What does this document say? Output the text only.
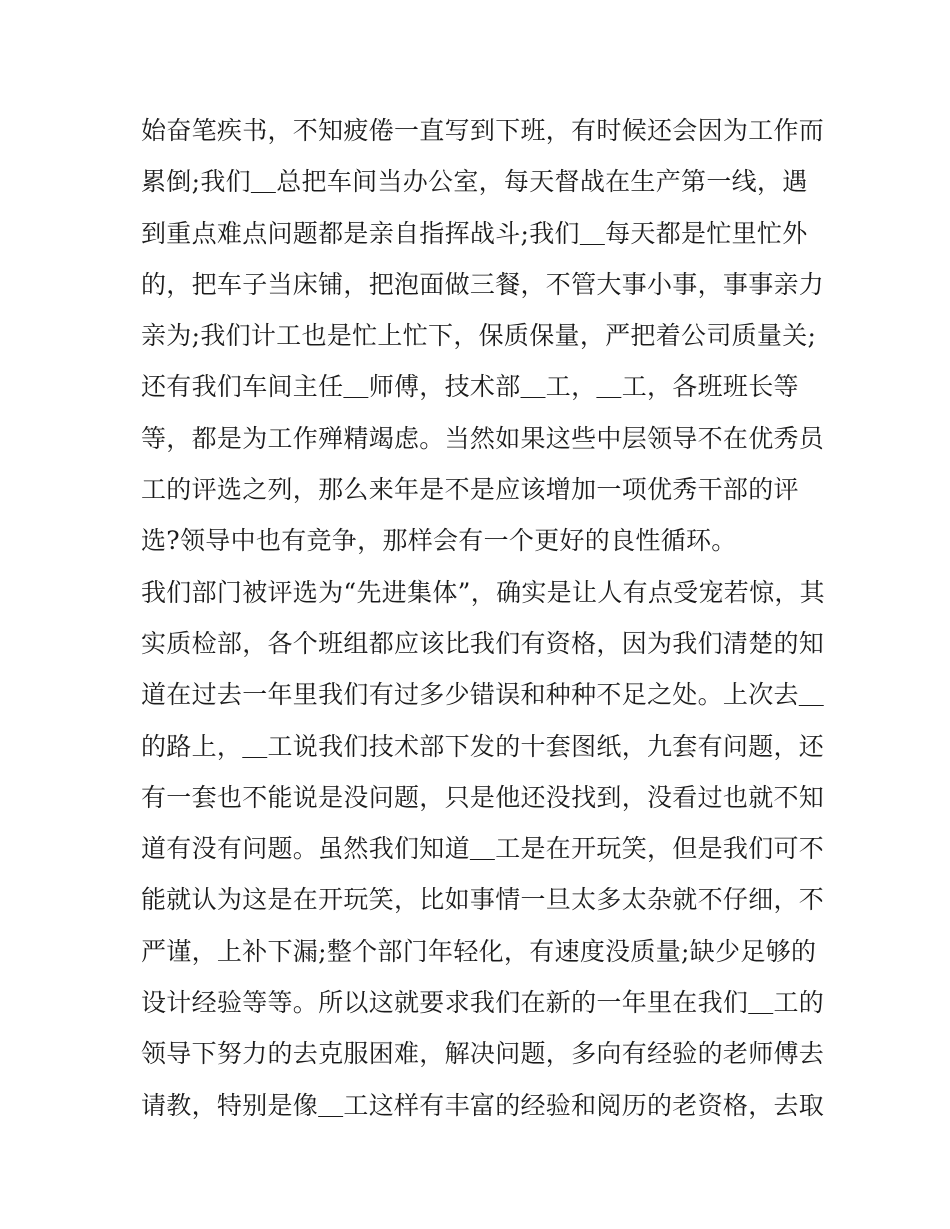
始奋笔疾书，不知疲倦一直写到下班，有时候还会因为工作而
累倒;我们＿总把车间当办公室，每天督战在生产第一线，遇
到重点难点问题都是亲自指挥战斗;我们＿每天都是忙里忙外
的，把车子当床铺，把泡面做三餐，不管大事小事，事事亲力
亲为;我们计工也是忙上忙下，保质保量，严把着公司质量关;
还有我们车间主任＿师傅，技术部＿工，＿工，各班班长等
等，都是为工作殚精竭虑。当然如果这些中层领导不在优秀员
工的评选之列，那么来年是不是应该增加一项优秀干部的评
选?领导中也有竞争，那样会有一个更好的良性循环。
我们部门被评选为“先进集体”，确实是让人有点受宠若惊，其
实质检部，各个班组都应该比我们有资格，因为我们清楚的知
道在过去一年里我们有过多少错误和种种不足之处。上次去＿
的路上，＿工说我们技术部下发的十套图纸，九套有问题，还
有一套也不能说是没问题，只是他还没找到，没看过也就不知
道有没有问题。虽然我们知道＿工是在开玩笑，但是我们可不
能就认为这是在开玩笑，比如事情一旦太多太杂就不仔细，不
严谨，上补下漏;整个部门年轻化，有速度没质量;缺少足够的
设计经验等等。所以这就要求我们在新的一年里在我们＿工的
领导下努力的去克服困难，解决问题，多向有经验的老师傅去
请教，特别是像＿工这样有丰富的经验和阅历的老资格，去取
